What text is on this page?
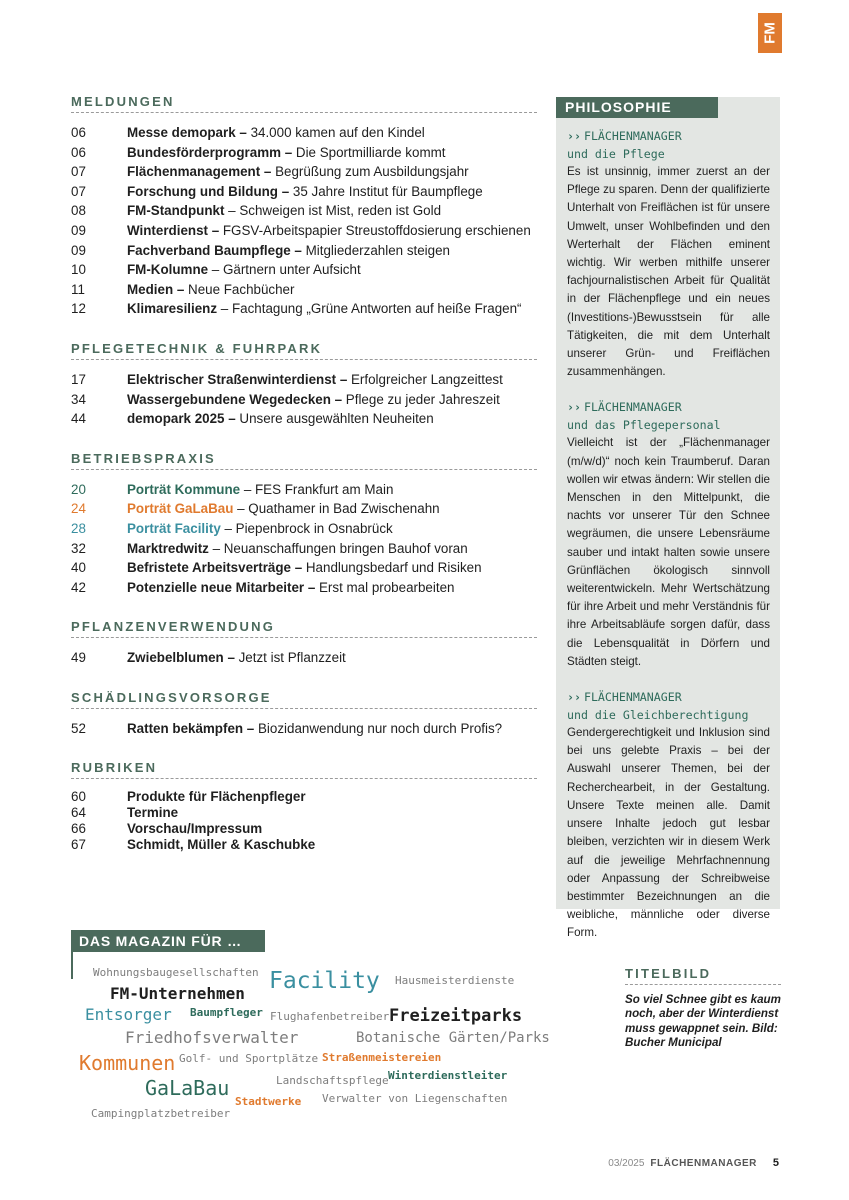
FM
MELDUNGEN
06	Messe demopark – 34.000 kamen auf den Kindel
06	Bundesförderprogramm – Die Sportmilliarde kommt
07	Flächenmanagement – Begrüßung zum Ausbildungsjahr
07	Forschung und Bildung – 35 Jahre Institut für Baumpflege
08	FM-Standpunkt – Schweigen ist Mist, reden ist Gold
09	Winterdienst – FGSV-Arbeitspapier Streustoffdosierung erschienen
09	Fachverband Baumpflege – Mitgliederzahlen steigen
10	FM-Kolumne – Gärtnern unter Aufsicht
11	Medien – Neue Fachbücher
12	Klimaresilienz – Fachtagung „Grüne Antworten auf heiße Fragen“
PFLEGETECHNIK & FUHRPARK
17	Elektrischer Straßenwinterdienst – Erfolgreicher Langzeittest
34	Wassergebundene Wegedecken – Pflege zu jeder Jahreszeit
44	demopark 2025 – Unsere ausgewählten Neuheiten
BETRIEBSPRAXIS
20	Porträt Kommune – FES Frankfurt am Main
24	Porträt GaLaBau – Quathamer in Bad Zwischenahn
28	Porträt Facility – Piepenbrock in Osnabrück
32	Marktredwitz – Neuanschaffungen bringen Bauhof voran
40	Befristete Arbeitsverträge – Handlungsbedarf und Risiken
42	Potenzielle neue Mitarbeiter – Erst mal probearbeiten
PFLANZENVERWENDUNG
49	Zwiebelblumen – Jetzt ist Pflanzzeit
SCHÄDLINGSVORSORGE
52	Ratten bekämpfen – Biozidanwendung nur noch durch Profis?
RUBRIKEN
60	Produkte für Flächenpfleger
64	Termine
66	Vorschau/Impressum
67	Schmidt, Müller & Kaschubke
PHILOSOPHIE
›› FLÄCHENMANAGER
und die Pflege
Es ist unsinnig, immer zuerst an der Pflege zu sparen. Denn der qualifizierte Unterhalt von Freiflächen ist für unsere Umwelt, unser Wohlbefinden und den Werterhalt der Flächen eminent wichtig. Wir werben mithilfe unserer fachjournalistischen Arbeit für Qualität in der Flächenpflege und ein neues (Investitions-)Bewusstsein für alle Tätigkeiten, die mit dem Unterhalt unserer Grün- und Freiflächen zusammenhängen.
›› FLÄCHENMANAGER
und das Pflegepersonal
Vielleicht ist der „Flächenmanager (m/w/d)“ noch kein Traumberuf. Daran wollen wir etwas ändern: Wir stellen die Menschen in den Mittelpunkt, die nachts vor unserer Tür den Schnee wegräumen, die unsere Lebensräume sauber und intakt halten sowie unsere Grünflächen ökologisch sinnvoll weiterentwickeln. Mehr Wertschätzung für ihre Arbeit und mehr Verständnis für ihre Arbeitsabläufe sorgen dafür, dass die Lebensqualität in Dörfern und Städten steigt.
›› FLÄCHENMANAGER
und die Gleichberechtigung
Gendergerechtigkeit und Inklusion sind bei uns gelebte Praxis – bei der Auswahl unserer Themen, bei der Recherchearbeit, in der Gestaltung. Unsere Texte meinen alle. Damit unsere Inhalte jedoch gut lesbar bleiben, verzichten wir in diesem Werk auf die jeweilige Mehrfachnennung oder Anpassung der Schreibweise bestimmter Bezeichnungen an die weibliche, männliche oder diverse Form.
DAS MAGAZIN FÜR …
Wohnungsbaugesellschaften Facility Hausmeisterdienste
FM-Unternehmen
Baumpfleger
Entsorger	Flughafenbetreiber Freizeitparks
Friedhofsverwalter	Botanische Gärten/Parks
Kommunen Golf- und Sportplätze Straßenmeistereien
GaLaBau	Landschaftspflege Winterdienstleiter
Stadtwerke Verwalter von Liegenschaften
Campingplatzbetreiber
TITELBILD
So viel Schnee gibt es kaum noch, aber der Winterdienst muss gewappnet sein. Bild: Bucher Municipal
03/2025 FLÄCHENMANAGER 5
